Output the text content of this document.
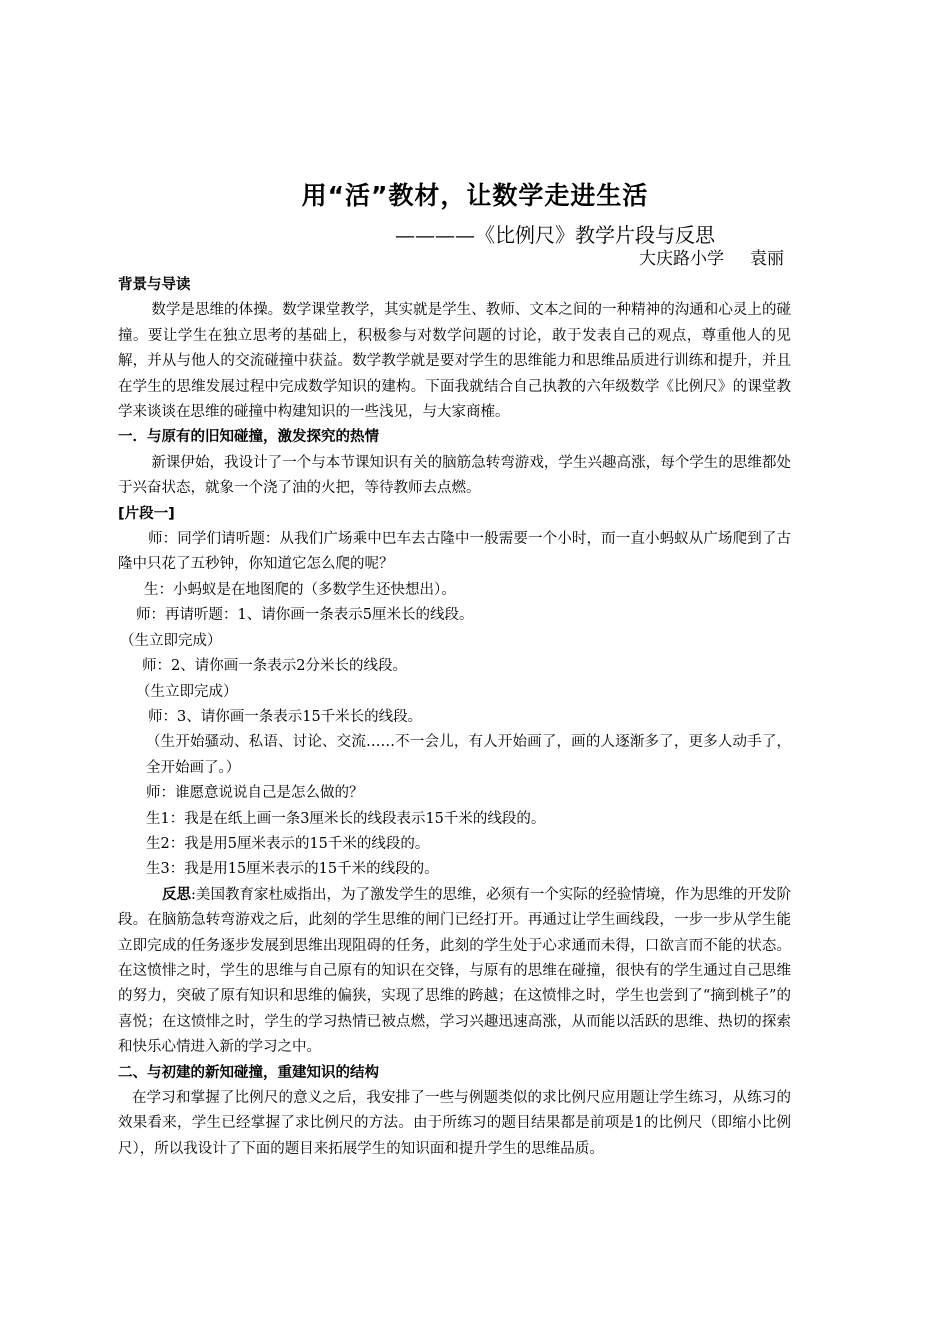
用“活”教材，让数学走进生活
————《比例尺》教学片段与反思
大庆路小学 袁丽

背景与导读

数学是思维的体操。数学课堂教学，其实就是学生、教师、文本之间的一种精神的沟通和心灵上的碰撞。要让学生在独立思考的基础上，积极参与对数学问题的讨论，敢于发表自己的观点，尊重他人的见解，并从与他人的交流碰撞中获益。数学教学就是要对学生的思维能力和思维品质进行训练和提升，并且在学生的思维发展过程中完成数学知识的建构。下面我就结合自己执教的六年级数学《比例尺》的课堂教学来谈谈在思维的碰撞中构建知识的一些浅见，与大家商榷。

一．与原有的旧知碰撞，激发探究的热情

新课伊始，我设计了一个与本节课知识有关的脑筋急转弯游戏，学生兴趣高涨，每个学生的思维都处于兴奋状态，就象一个浇了油的火把，等待教师去点燃。

[片段一]

师：同学们请听题：从我们广场乘中巴车去古隆中一般需要一个小时，而一直小蚂蚁从广场爬到了古隆中只花了五秒钟，你知道它怎么爬的呢？

生：小蚂蚁是在地图爬的（多数学生还快想出）。

师：再请听题：1、请你画一条表示5厘米长的线段。

（生立即完成）

师：2、请你画一条表示2分米长的线段。

（生立即完成）

师：3、请你画一条表示15千米长的线段。

（生开始骚动、私语、讨论、交流……不一会儿，有人开始画了，画的人逐渐多了，更多人动手了，全开始画了。）

师：谁愿意说说自己是怎么做的？

生1：我是在纸上画一条3厘米长的线段表示15千米的线段的。

生2：我是用5厘米表示的15千米的线段的。

生3：我是用15厘米表示的15千米的线段的。

反思:美国教育家杜威指出，为了激发学生的思维，必须有一个实际的经验情境，作为思维的开发阶段。在脑筋急转弯游戏之后，此刻的学生思维的闸门已经打开。再通过让学生画线段，一步一步从学生能立即完成的任务逐步发展到思维出现阻碍的任务，此刻的学生处于心求通而未得，口欲言而不能的状态。在这愤悱之时，学生的思维与自己原有的知识在交锋，与原有的思维在碰撞，很快有的学生通过自己思维的努力，突破了原有知识和思维的偏狭，实现了思维的跨越；在这愤悱之时，学生也尝到了“摘到桃子”的喜悦；在这愤悱之时，学生的学习热情已被点燃，学习兴趣迅速高涨，从而能以活跃的思维、热切的探索和快乐心情进入新的学习之中。

二、与初建的新知碰撞，重建知识的结构

在学习和掌握了比例尺的意义之后，我安排了一些与例题类似的求比例尺应用题让学生练习，从练习的效果看来，学生已经掌握了求比例尺的方法。由于所练习的题目结果都是前项是1的比例尺（即缩小比例尺），所以我设计了下面的题目来拓展学生的知识面和提升学生的思维品质。
